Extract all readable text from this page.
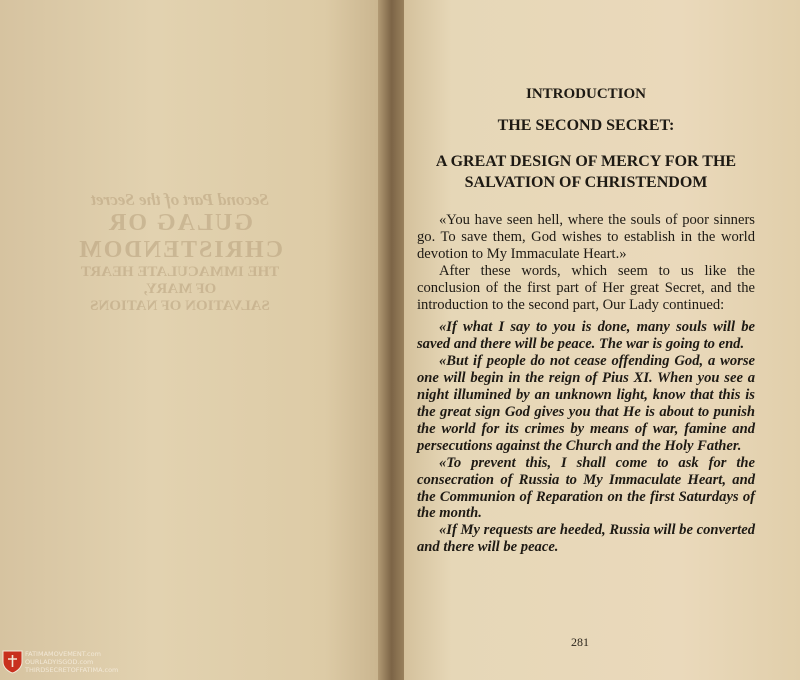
Second Part of the Secret
GULAG OR
CHRISTENDOM
THE IMMACULATE HEART
OF MARY,
SALVATION OF NATIONS
INTRODUCTION
THE SECOND SECRET:
A GREAT DESIGN OF MERCY FOR THE
SALVATION OF CHRISTENDOM

«You have seen hell, where the souls of poor sinners go. To save them, God wishes to establish in the world devotion to My Immaculate Heart.»

After these words, which seem to us like the conclusion of the first part of Her great Secret, and the introduction to the second part, Our Lady continued:

«If what I say to you is done, many souls will be saved and there will be peace. The war is going to end.

«But if people do not cease offending God, a worse one will begin in the reign of Pius XI. When you see a night illumined by an unknown light, know that this is the great sign God gives you that He is about to punish the world for its crimes by means of war, famine and persecutions against the Church and the Holy Father.

«To prevent this, I shall come to ask for the consecration of Russia to My Immaculate Heart, and the Communion of Reparation on the first Saturdays of the month.

«If My requests are heeded, Russia will be converted and there will be peace.

281
FATIMAMOVEMENT.com
OURLADYISGOD.com
THIRDSECRETOFFATIMA.com
